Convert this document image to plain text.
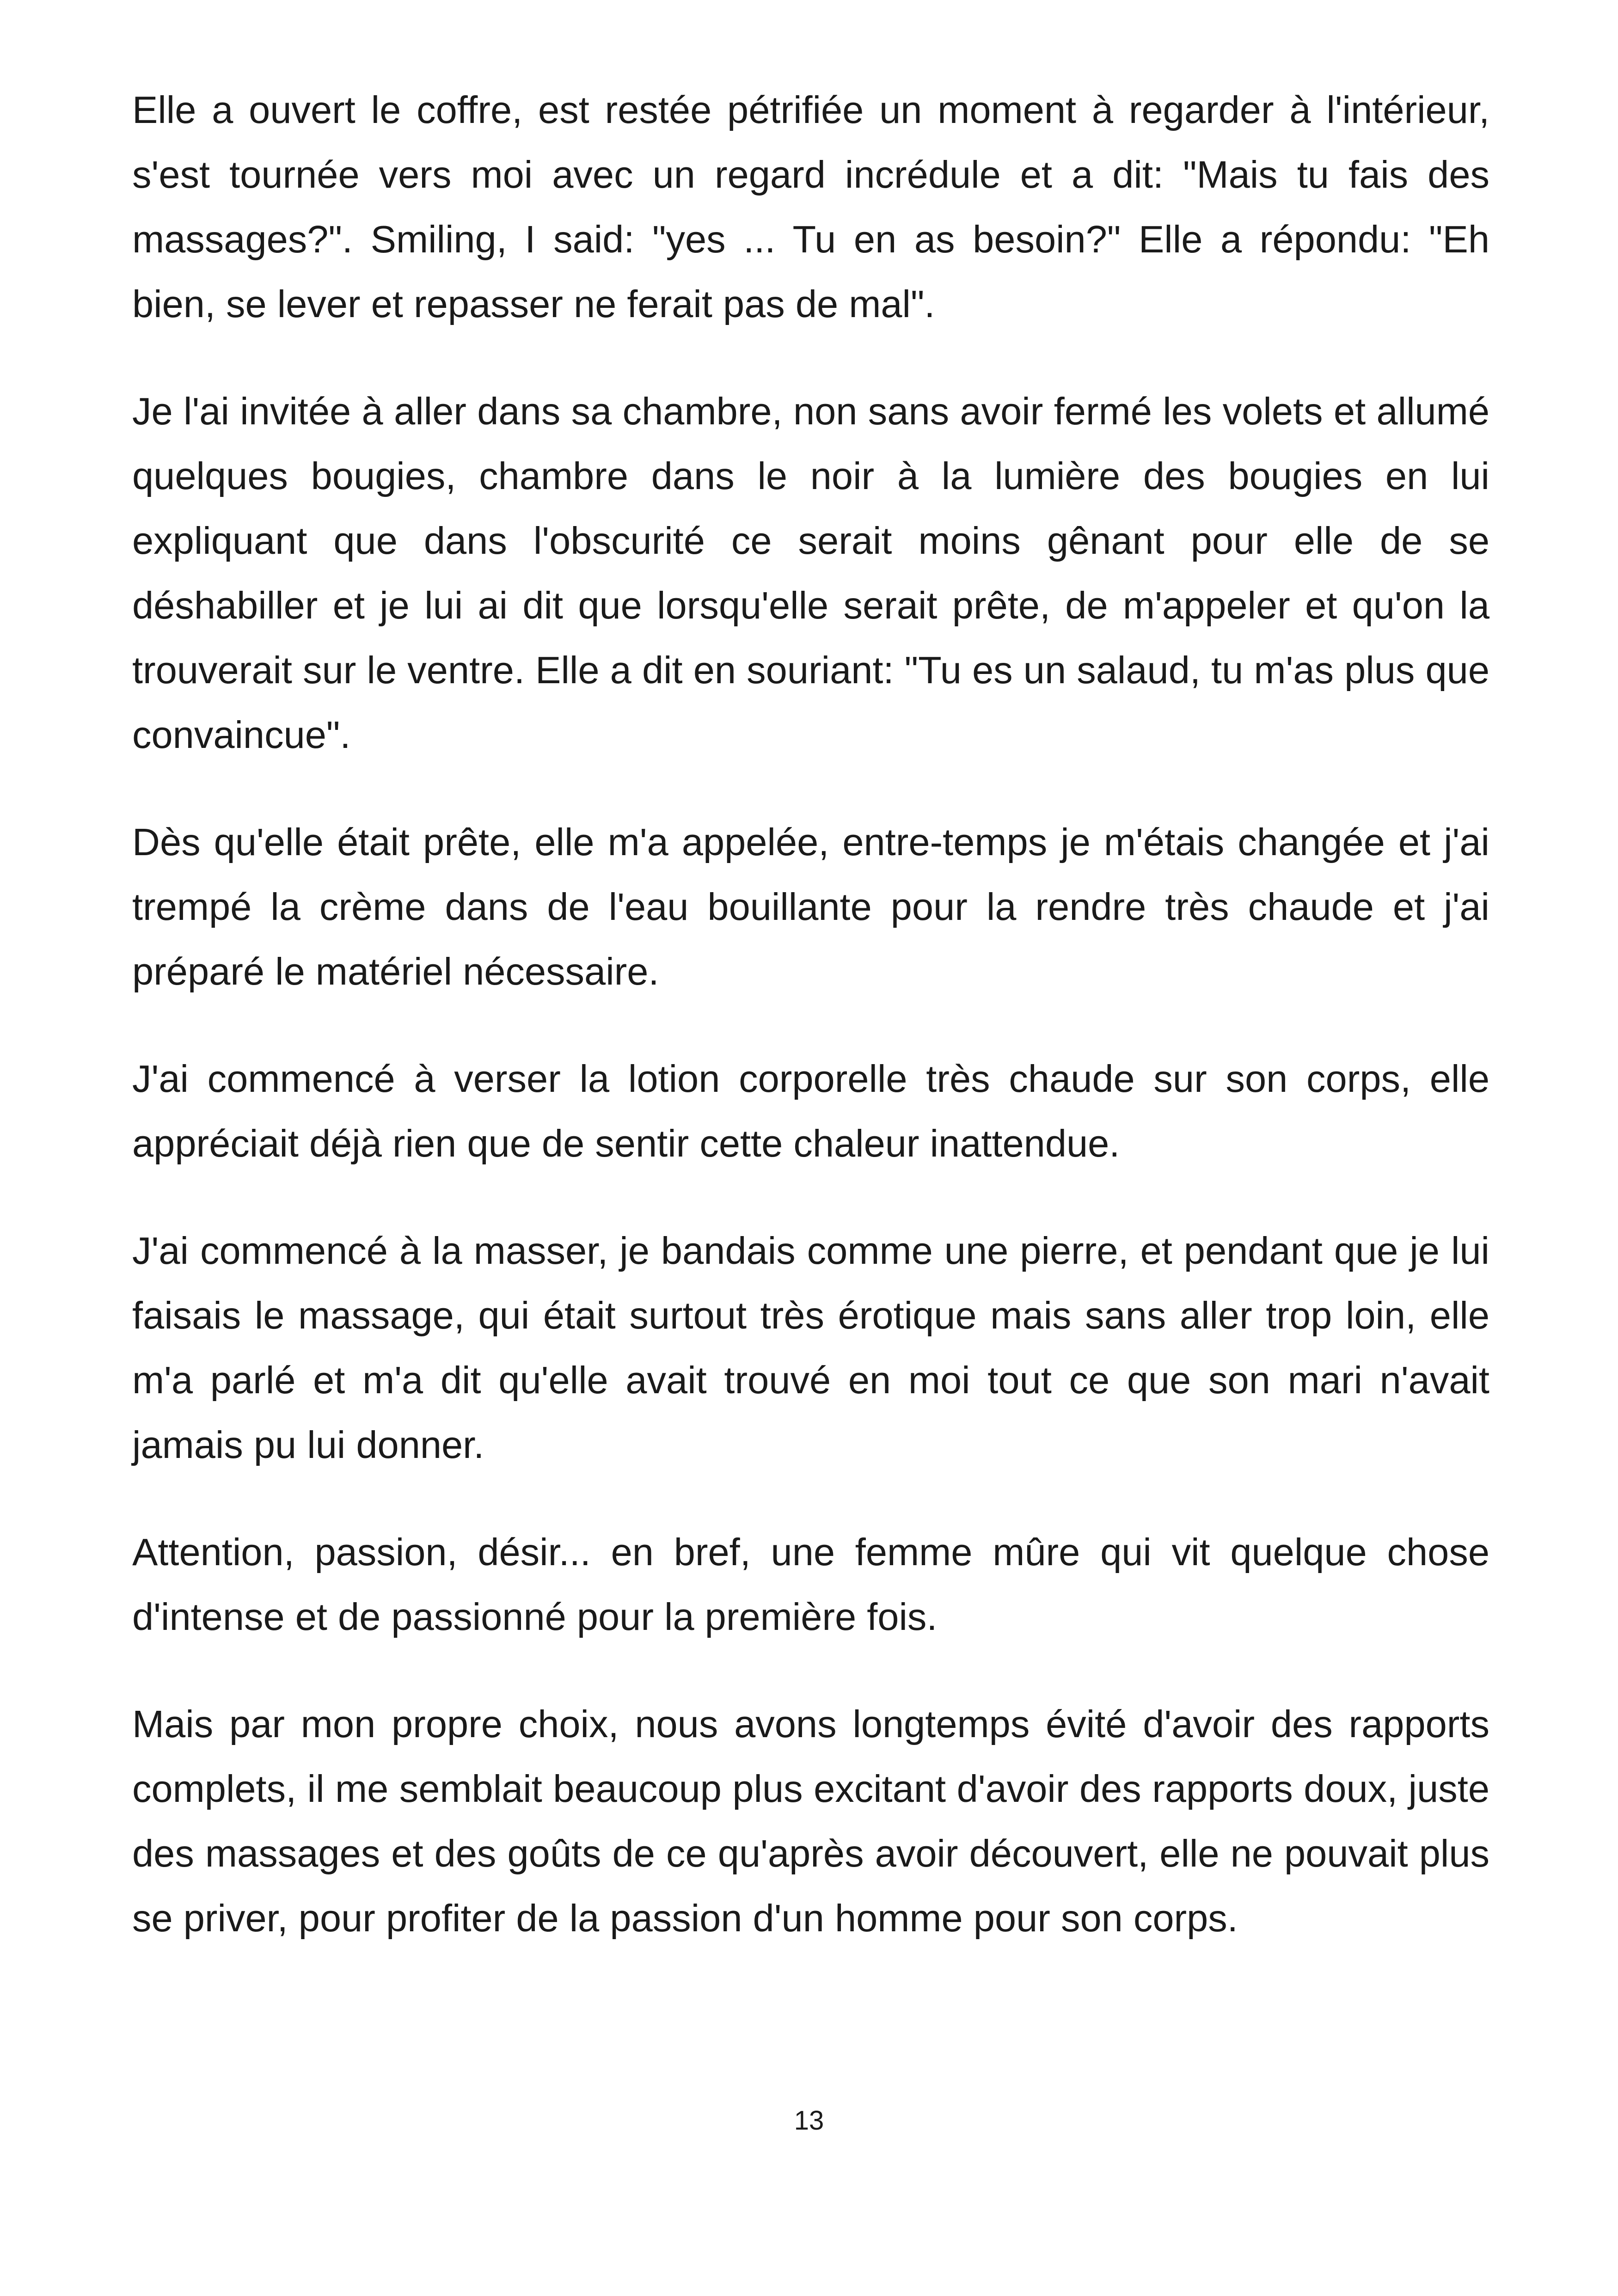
Elle a ouvert le coffre, est restée pétrifiée un moment à regarder à l'intérieur, s'est tournée vers moi avec un regard incrédule et a dit: "Mais tu fais des massages?". Smiling, I said: "yes ... Tu en as besoin?" Elle a répondu: "Eh bien, se lever et repasser ne ferait pas de mal".

Je l'ai invitée à aller dans sa chambre, non sans avoir fermé les volets et allumé quelques bougies, chambre dans le noir à la lumière des bougies en lui expliquant que dans l'obscurité ce serait moins gênant pour elle de se déshabiller et je lui ai dit que lorsqu'elle serait prête, de m'appeler et qu'on la trouverait sur le ventre. Elle a dit en souriant: "Tu es un salaud, tu m'as plus que convaincue".

Dès qu'elle était prête, elle m'a appelée, entre-temps je m'étais changée et j'ai trempé la crème dans de l'eau bouillante pour la rendre très chaude et j'ai préparé le matériel nécessaire.

J'ai commencé à verser la lotion corporelle très chaude sur son corps, elle appréciait déjà rien que de sentir cette chaleur inattendue.

J'ai commencé à la masser, je bandais comme une pierre, et pendant que je lui faisais le massage, qui était surtout très érotique mais sans aller trop loin, elle m'a parlé et m'a dit qu'elle avait trouvé en moi tout ce que son mari n'avait jamais pu lui donner.

Attention, passion, désir... en bref, une femme mûre qui vit quelque chose d'intense et de passionné pour la première fois.

Mais par mon propre choix, nous avons longtemps évité d'avoir des rapports complets, il me semblait beaucoup plus excitant d'avoir des rapports doux, juste des massages et des goûts de ce qu'après avoir découvert, elle ne pouvait plus se priver, pour profiter de la passion d'un homme pour son corps.

13
